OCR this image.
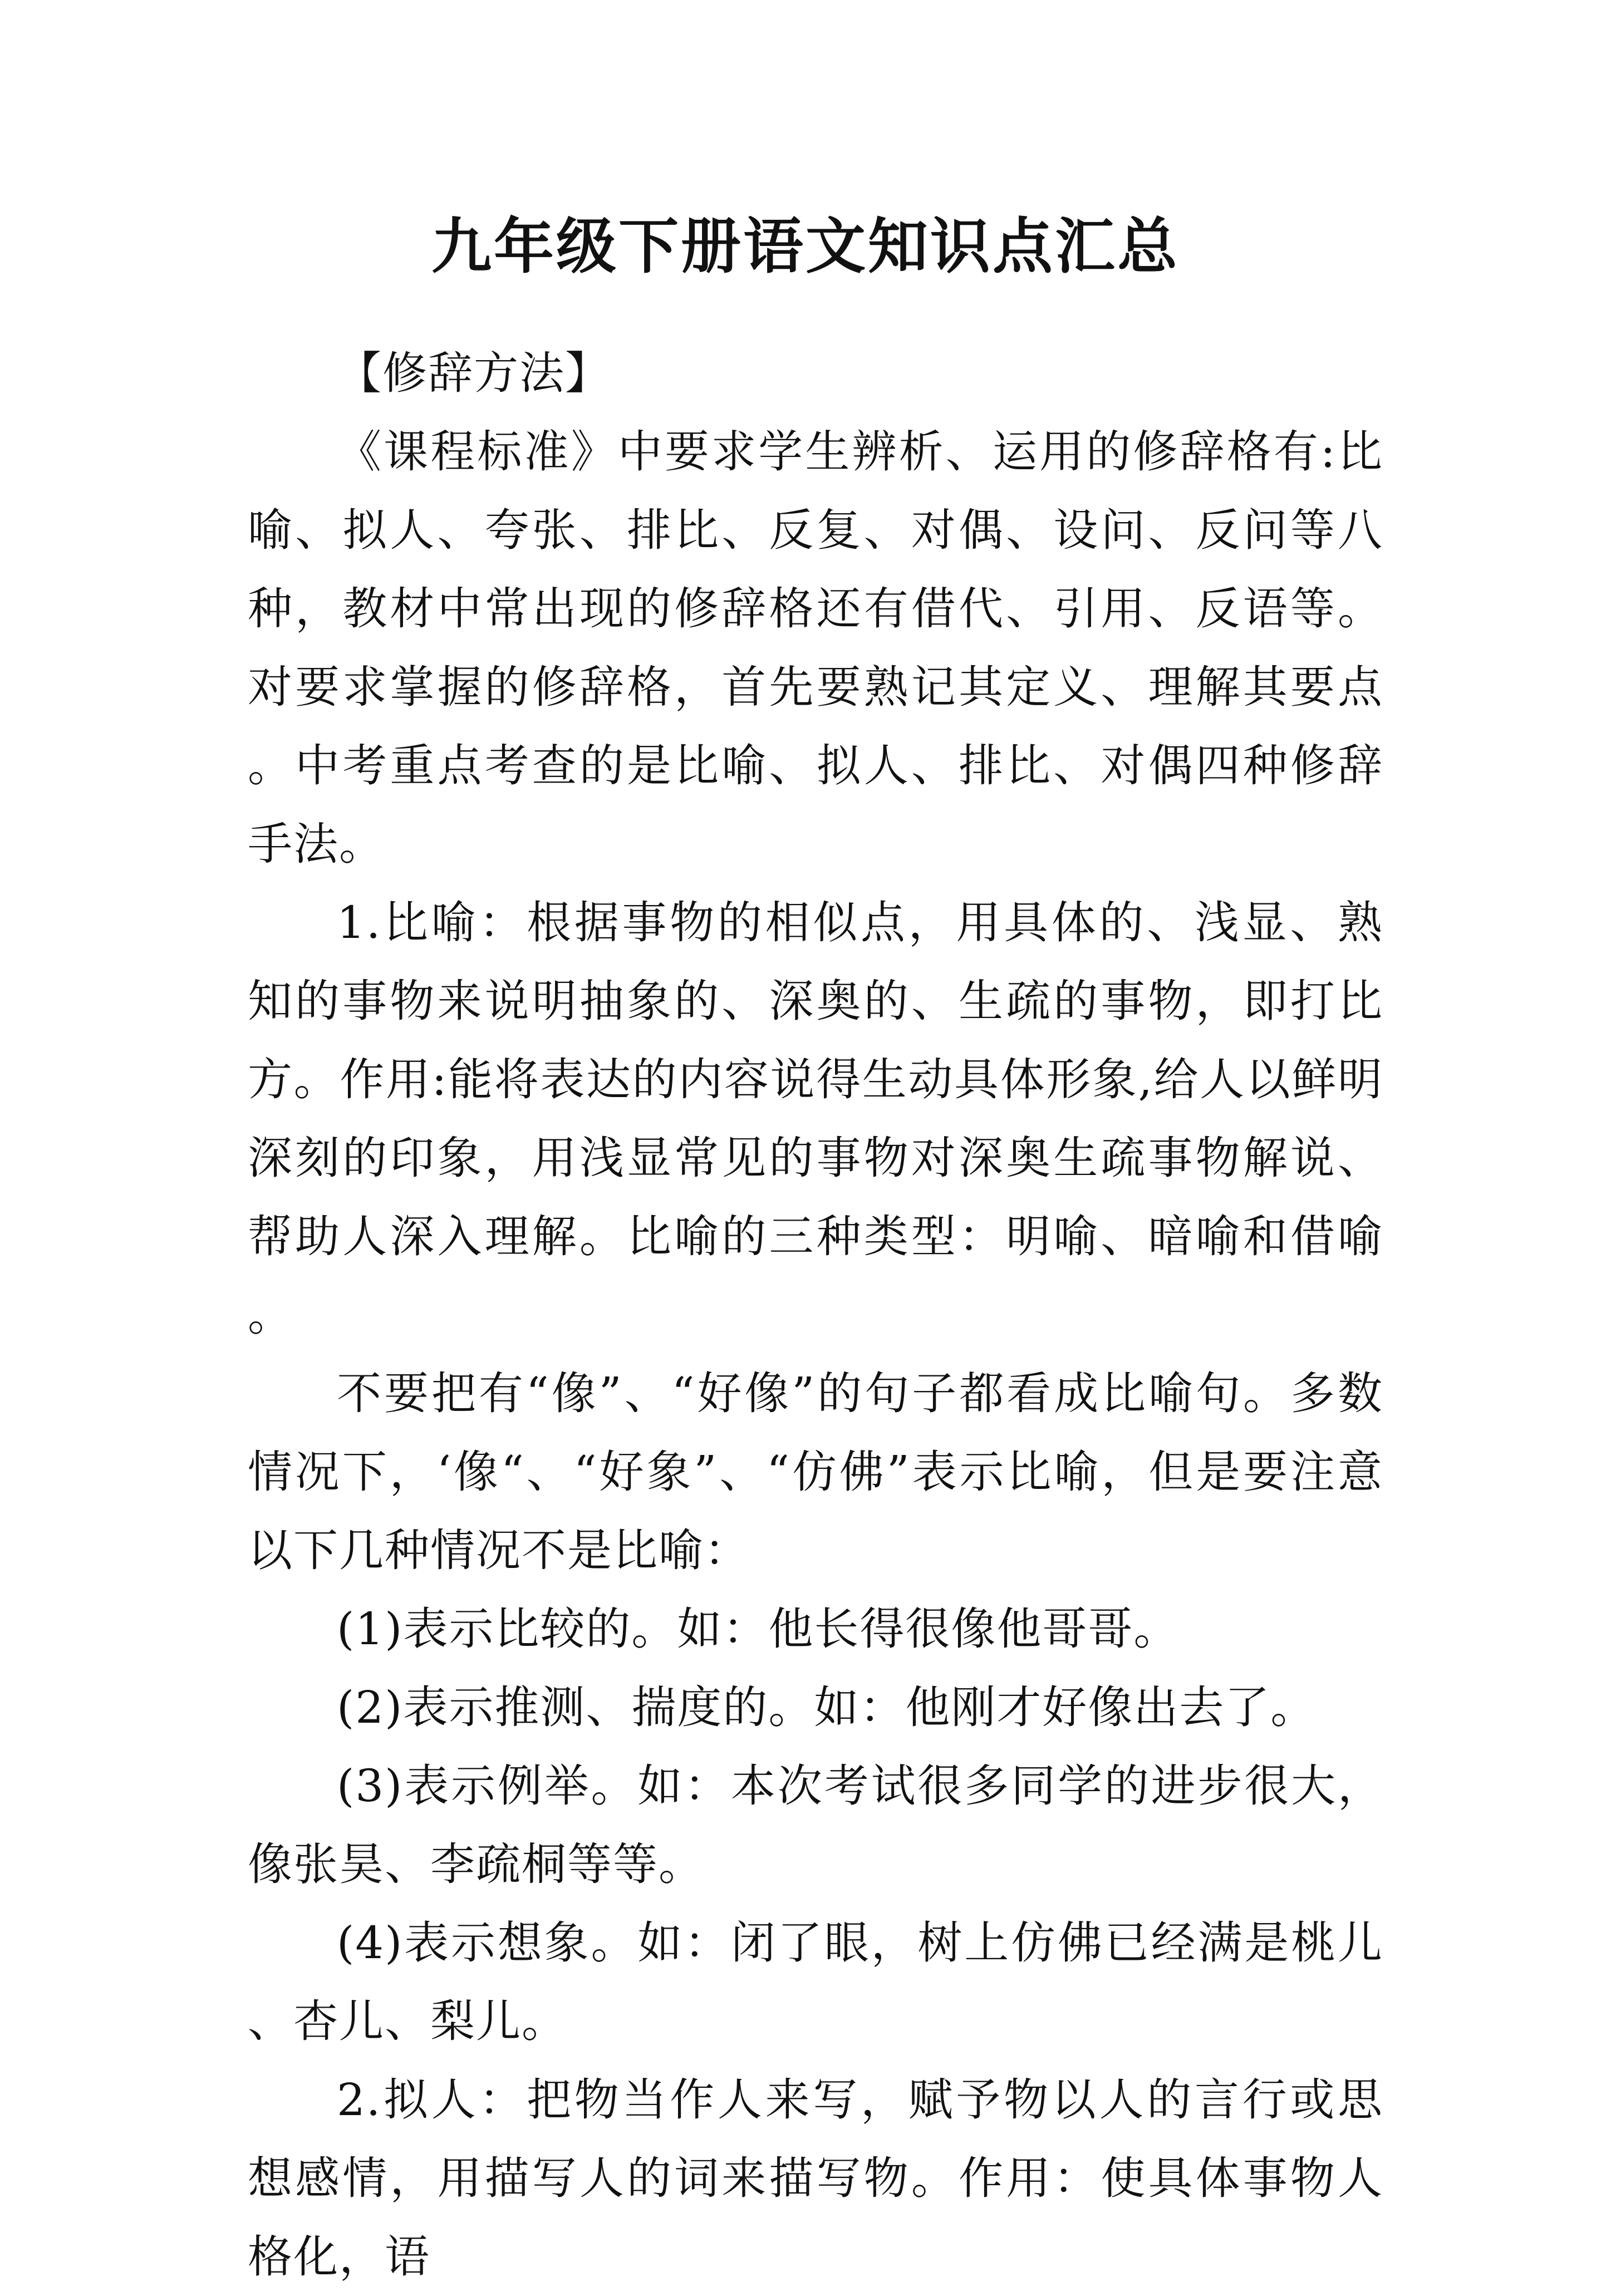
九年级下册语文知识点汇总

【修辞方法】

《课程标准》中要求学生辨析、运用的修辞格有:比喻、拟人、夸张、排比、反复、对偶、设问、反问等八种，教材中常出现的修辞格还有借代、引用、反语等。对要求掌握的修辞格，首先要熟记其定义、理解其要点。中考重点考查的是比喻、拟人、排比、对偶四种修辞手法。

1.比喻：根据事物的相似点，用具体的、浅显、熟知的事物来说明抽象的、深奥的、生疏的事物，即打比方。作用:能将表达的内容说得生动具体形象,给人以鲜明深刻的印象，用浅显常见的事物对深奥生疏事物解说、帮助人深入理解。比喻的三种类型：明喻、暗喻和借喻。

不要把有“像”、“好像”的句子都看成比喻句。多数情况下，‘像“、“好象”、“仿佛”表示比喻，但是要注意以下几种情况不是比喻：

(1)表示比较的。如：他长得很像他哥哥。

(2)表示推测、揣度的。如：他刚才好像出去了。

(3)表示例举。如：本次考试很多同学的进步很大，像张昊、李疏桐等等。

(4)表示想象。如：闭了眼，树上仿佛已经满是桃儿、杏儿、梨儿。

2.拟人：把物当作人来写，赋予物以人的言行或思想感情，用描写人的词来描写物。作用：使具体事物人格化，语
